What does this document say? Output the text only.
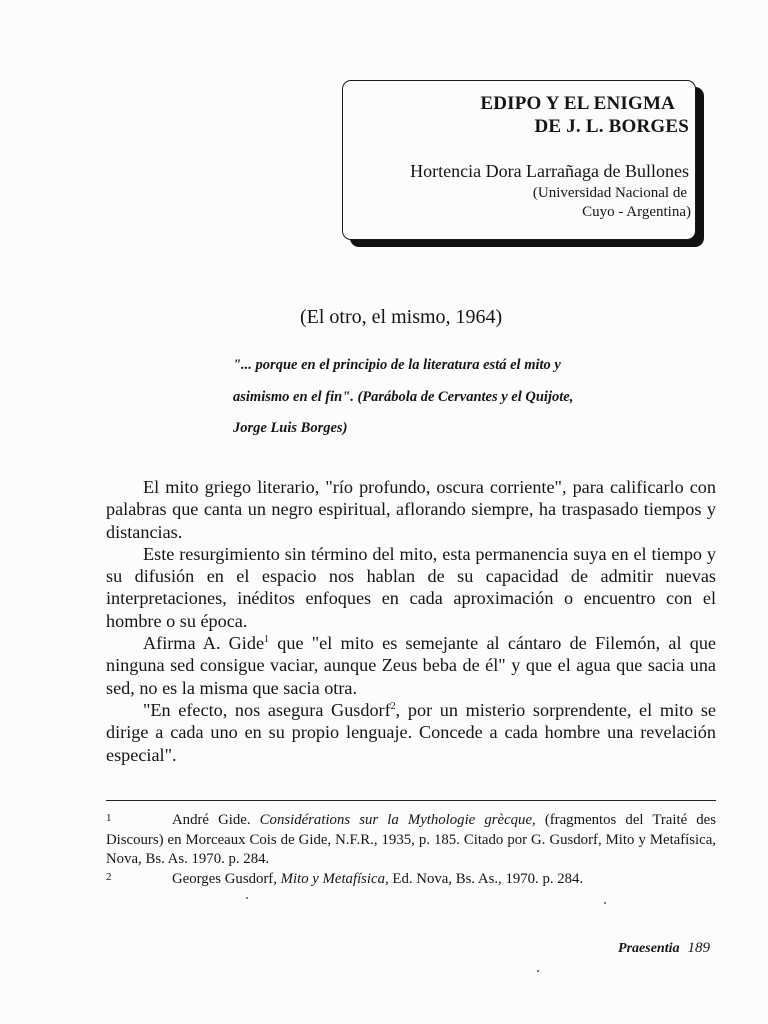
EDIPO Y EL ENIGMA
DE J. L. BORGES
Hortencia Dora Larrañaga de Bullones
(Universidad Nacional de
Cuyo - Argentina)
(El otro, el mismo, 1964)
"... porque en el principio de la literatura está el mito y
asimismo en el fin". (Parábola de Cervantes y el Quijote,
Jorge Luis Borges)

El mito griego literario, "río profundo, oscura corriente", para calificarlo con palabras que canta un negro espiritual, aflorando siempre, ha traspasado tiempos y distancias.

Este resurgimiento sin término del mito, esta permanencia suya en el tiempo y su difusión en el espacio nos hablan de su capacidad de admitir nuevas interpretaciones, inéditos enfoques en cada aproximación o encuentro con el hombre o su época.

Afirma A. Gide$^1$ que "el mito es semejante al cántaro de Filemón, al que ninguna sed consigue vaciar, aunque Zeus beba de él" y que el agua que sacia una sed, no es la misma que sacia otra.

"En efecto, nos asegura Gusdorf$^2$, por un misterio sorprendente, el mito se dirige a cada uno en su propio lenguaje. Concede a cada hombre una revelación especial".

1	André Gide. Considérations sur la Mythologie grècque, (fragmentos del Traité des Discours) en Morceaux Cois de Gide, N.F.R., 1935, p. 185. Citado por G. Gusdorf, Mito y Metafísica, Nova, Bs. As. 1970. p. 284.
2	Georges Gusdorf, Mito y Metafísica, Ed. Nova, Bs. As., 1970. p. 284.
Praesentia 189
